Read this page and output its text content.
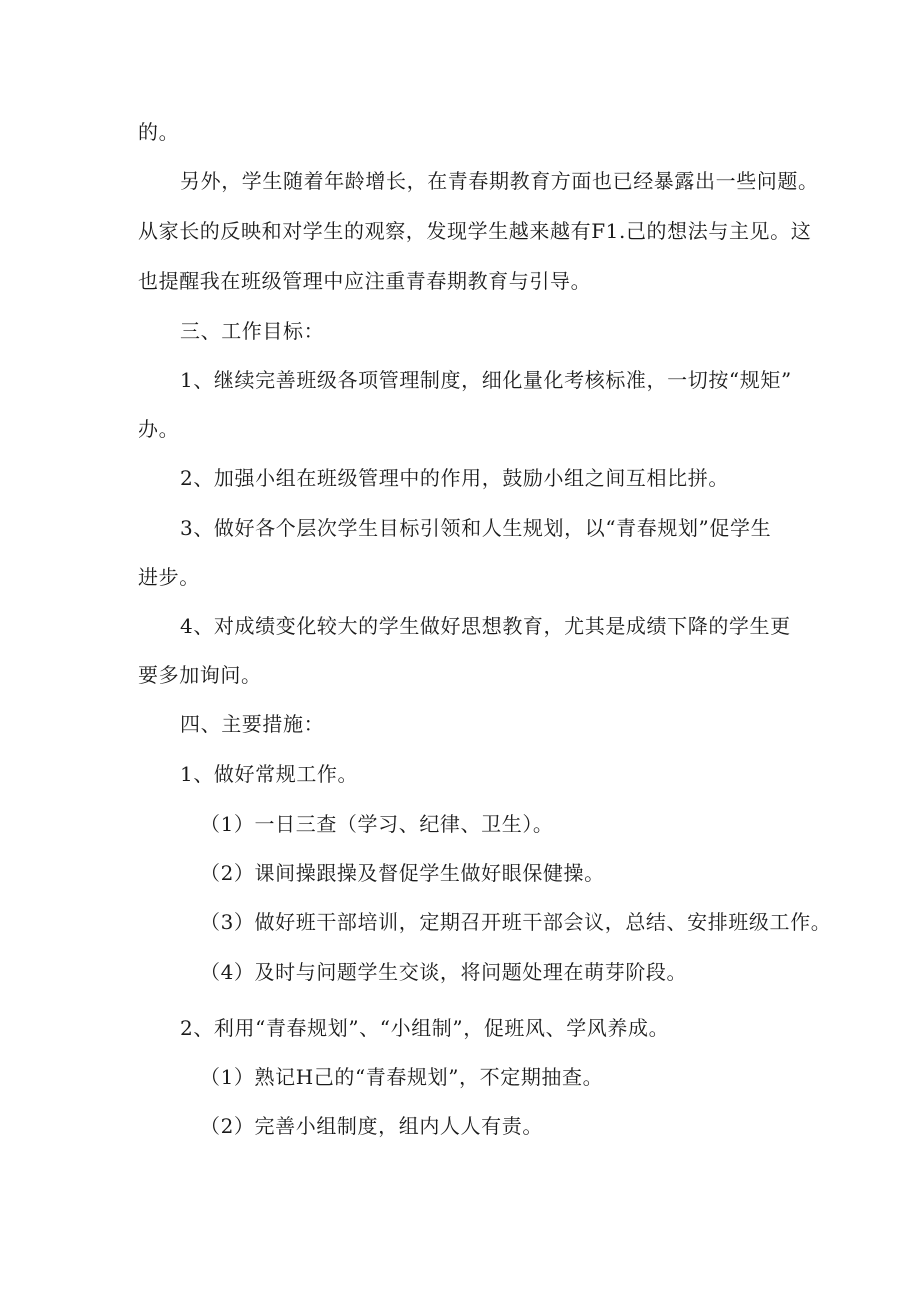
的。
另外，学生随着年龄增长，在青春期教育方面也已经暴露出一些问题。
从家长的反映和对学生的观察，发现学生越来越有F1.己的想法与主见。这
也提醒我在班级管理中应注重青春期教育与引导。
三、工作目标：
1、继续完善班级各项管理制度，细化量化考核标准，一切按“规矩”
办。
2、加强小组在班级管理中的作用，鼓励小组之间互相比拼。
3、做好各个层次学生目标引领和人生规划，以“青春规划”促学生
进步。
4、对成绩变化较大的学生做好思想教育，尤其是成绩下降的学生更
要多加询问。
四、主要措施：
1、做好常规工作。
（1）一日三查（学习、纪律、卫生）。
（2）课间操跟操及督促学生做好眼保健操。
（3）做好班干部培训，定期召开班干部会议，总结、安排班级工作。
（4）及时与问题学生交谈，将问题处理在萌芽阶段。
2、利用“青春规划”、“小组制”，促班风、学风养成。
（1）熟记H己的“青春规划”，不定期抽查。
（2）完善小组制度，组内人人有责。
